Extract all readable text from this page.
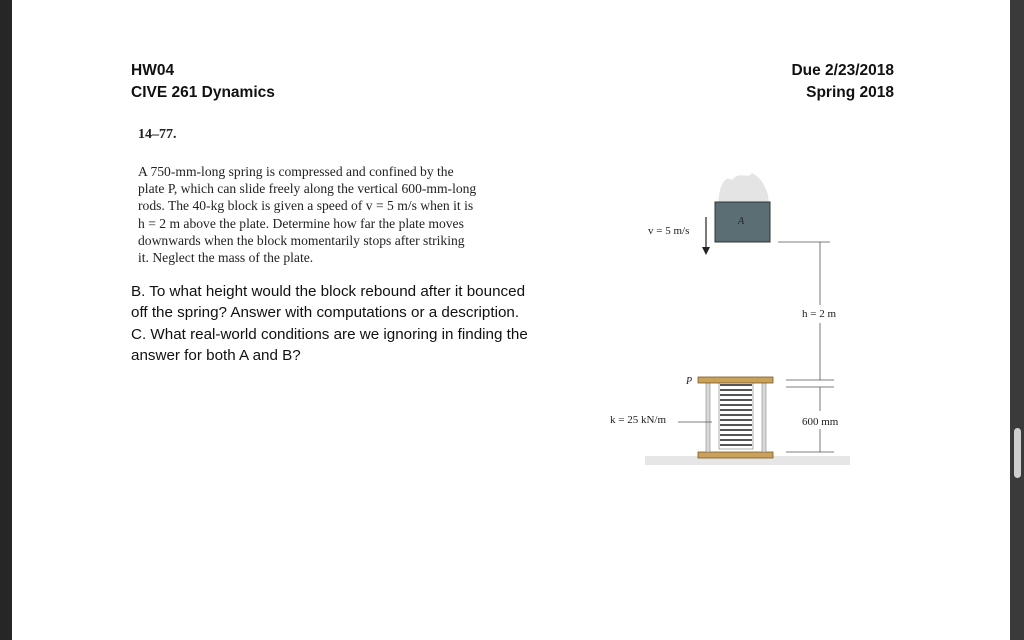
HW04
CIVE 261 Dynamics
Due 2/23/2018
Spring 2018
14–77.

A 750-mm-long spring is compressed and confined by the
plate P, which can slide freely along the vertical 600-mm-long
rods. The 40-kg block is given a speed of v = 5 m/s when it is
h = 2 m above the plate. Determine how far the plate moves
downwards when the block momentarily stops after striking
it. Neglect the mass of the plate.

B. To what height would the block rebound after it bounced
off the spring? Answer with computations or a description.
C. What real-world conditions are we ignoring in finding the
answer for both A and B?

A
v = 5 m/s
h = 2 m
P
k = 25 kN/m	600 mm
